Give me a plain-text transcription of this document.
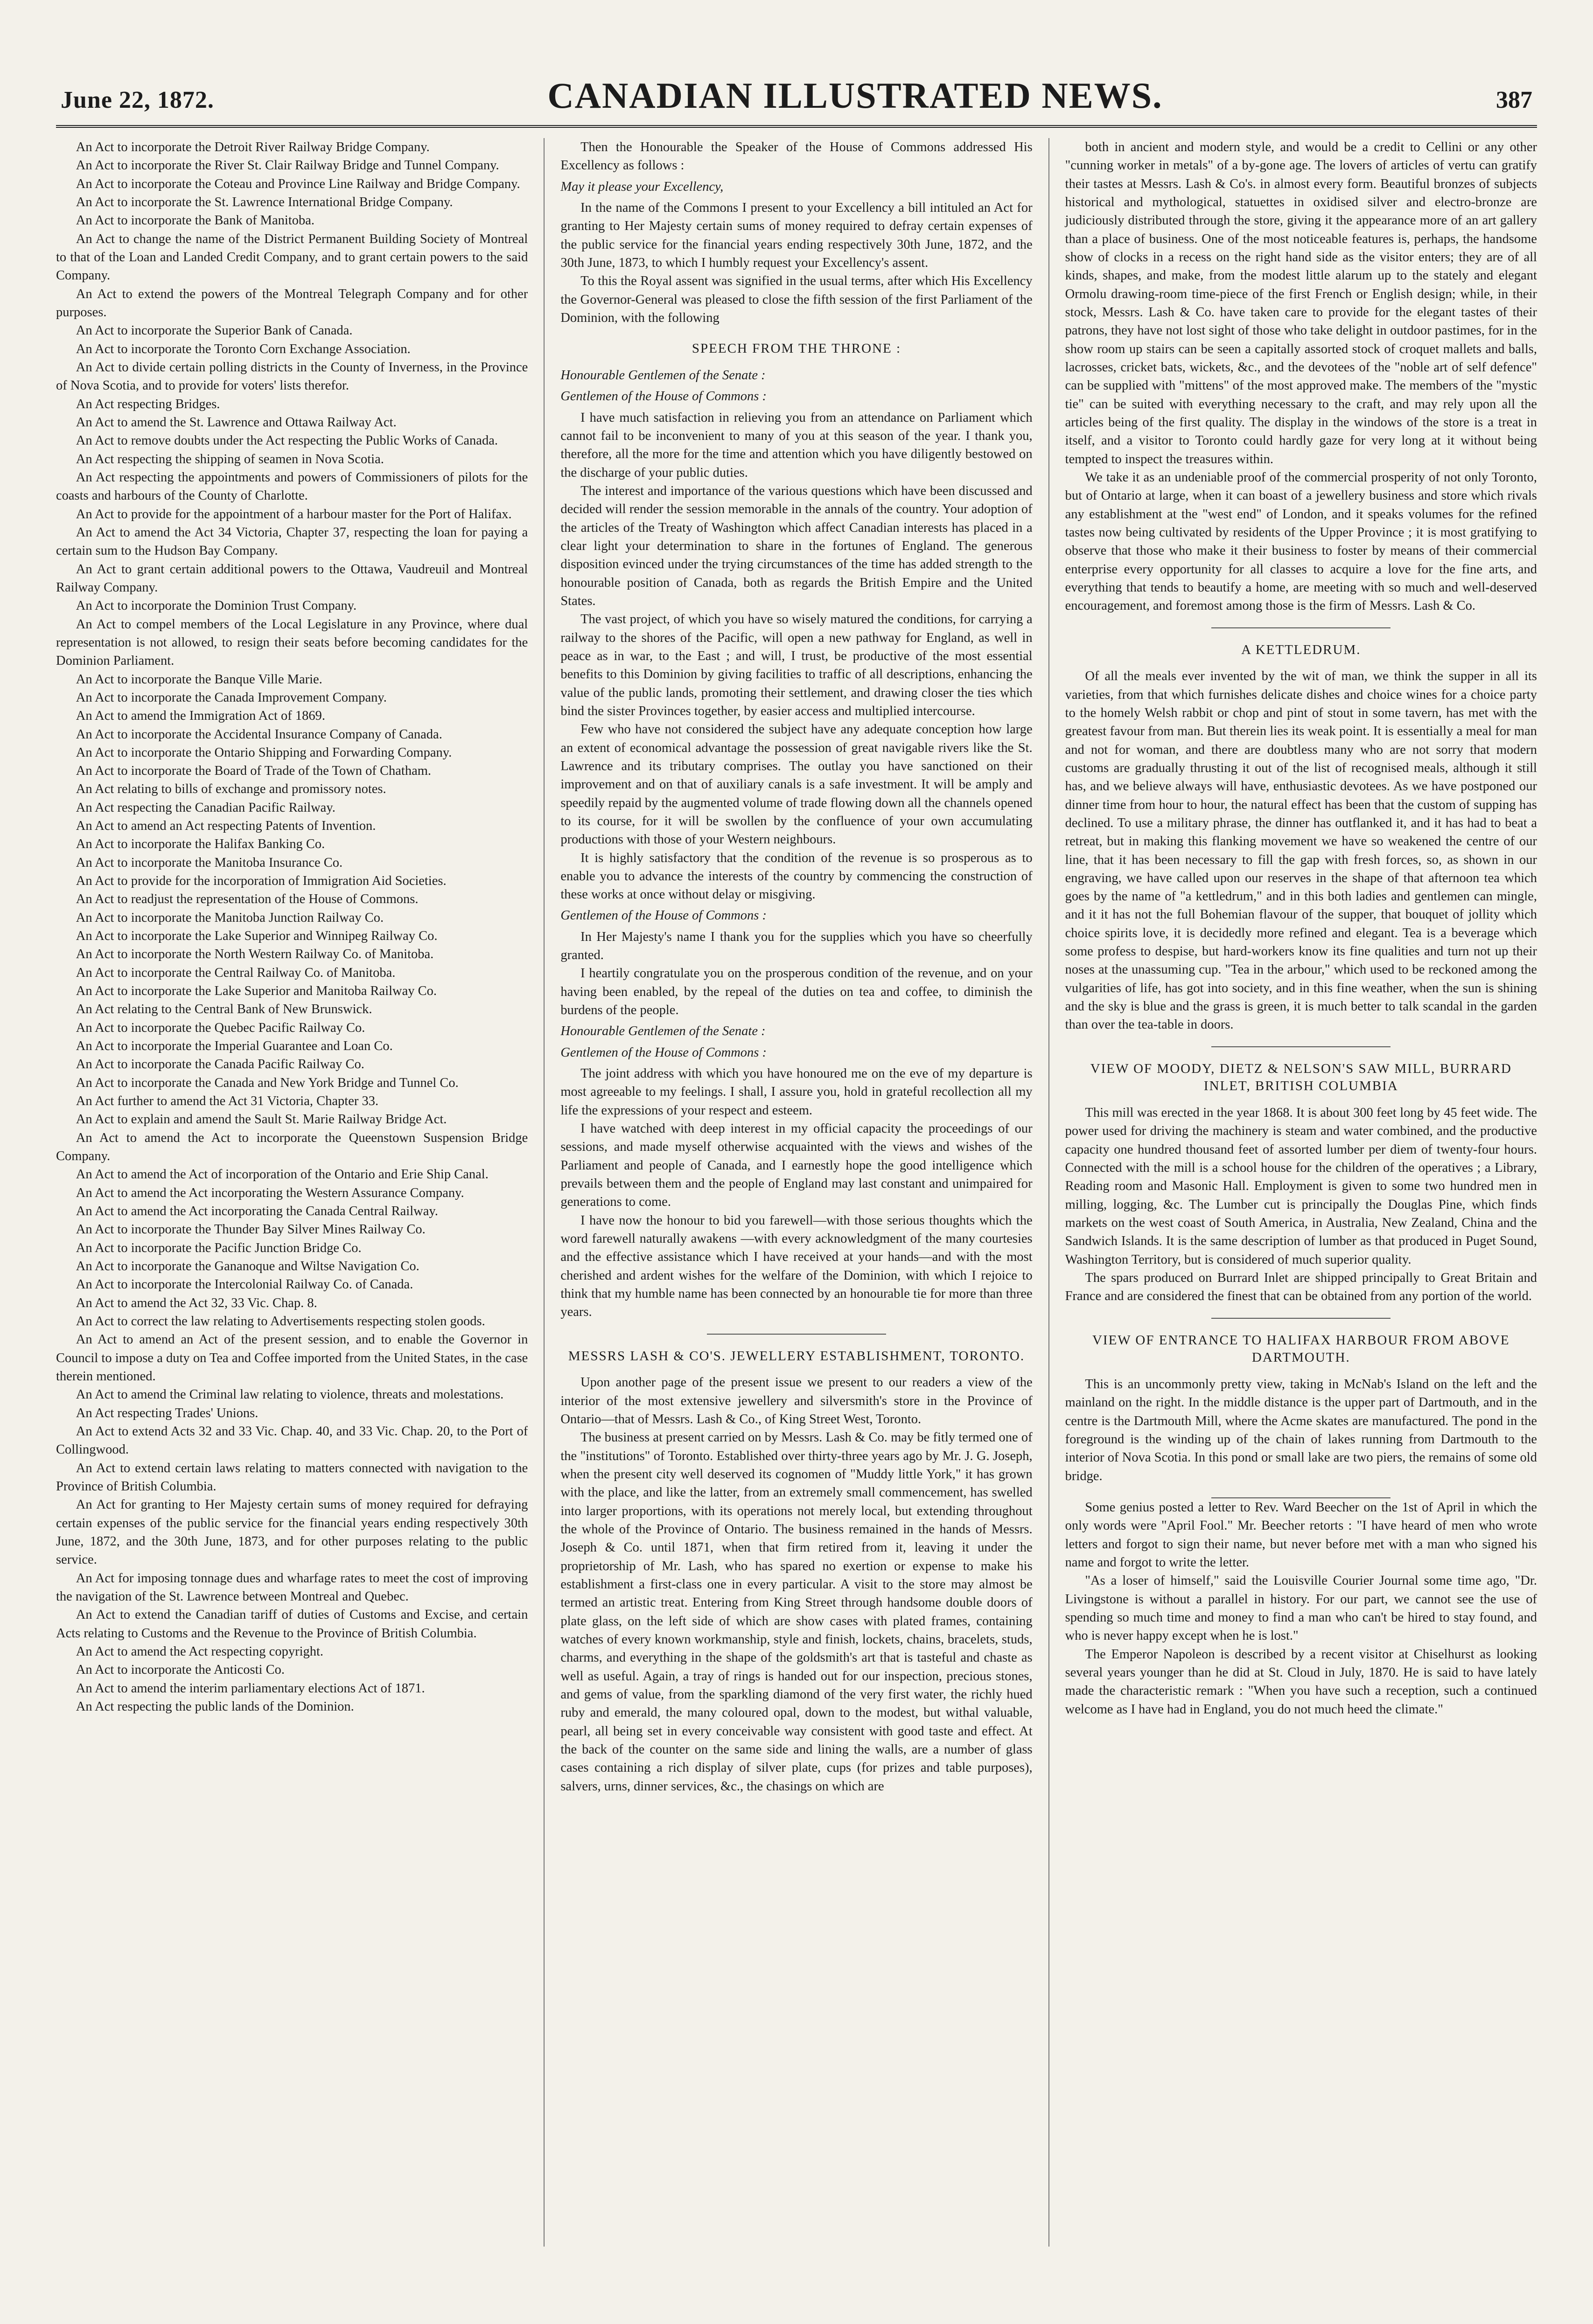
June 22, 1872.	CANADIAN ILLUSTRATED NEWS.	387
An Act to incorporate the Detroit River Railway Bridge Company.
An Act to incorporate the River St. Clair Railway Bridge and Tunnel Company.
An Act to incorporate the Coteau and Province Line Railway and Bridge Company.
An Act to incorporate the St. Lawrence International Bridge Company.
An Act to incorporate the Bank of Manitoba.
An Act to change the name of the District Permanent Building Society of Montreal to that of the Loan and Landed Credit Company, and to grant certain powers to the said Company.
An Act to extend the powers of the Montreal Telegraph Company and for other purposes.
An Act to incorporate the Superior Bank of Canada.
An Act to incorporate the Toronto Corn Exchange Association.
An Act to divide certain polling districts in the County of Inverness, in the Province of Nova Scotia, and to provide for voters' lists therefor.
An Act respecting Bridges.
An Act to amend the St. Lawrence and Ottawa Railway Act.
An Act to remove doubts under the Act respecting the Public Works of Canada.
An Act respecting the shipping of seamen in Nova Scotia.
An Act respecting the appointments and powers of Commissioners of pilots for the coasts and harbours of the County of Charlotte.
An Act to provide for the appointment of a harbour master for the Port of Halifax.
An Act to amend the Act 34 Victoria, Chapter 37, respecting the loan for paying a certain sum to the Hudson Bay Company.
An Act to grant certain additional powers to the Ottawa, Vaudreuil and Montreal Railway Company.
An Act to incorporate the Dominion Trust Company.
An Act to compel members of the Local Legislature in any Province, where dual representation is not allowed, to resign their seats before becoming candidates for the Dominion Parliament.
An Act to incorporate the Banque Ville Marie.
An Act to incorporate the Canada Improvement Company.
An Act to amend the Immigration Act of 1869.
An Act to incorporate the Accidental Insurance Company of Canada.
An Act to incorporate the Ontario Shipping and Forwarding Company.
An Act to incorporate the Board of Trade of the Town of Chatham.
An Act relating to bills of exchange and promissory notes.
An Act respecting the Canadian Pacific Railway.
An Act to amend an Act respecting Patents of Invention.
An Act to incorporate the Halifax Banking Co.
An Act to incorporate the Manitoba Insurance Co.
An Act to provide for the incorporation of Immigration Aid Societies.
An Act to readjust the representation of the House of Commons.
An Act to incorporate the Manitoba Junction Railway Co.
An Act to incorporate the Lake Superior and Winnipeg Railway Co.
An Act to incorporate the North Western Railway Co. of Manitoba.
An Act to incorporate the Central Railway Co. of Manitoba.
An Act to incorporate the Lake Superior and Manitoba Railway Co.
An Act relating to the Central Bank of New Brunswick.
An Act to incorporate the Quebec Pacific Railway Co.
An Act to incorporate the Imperial Guarantee and Loan Co.
An Act to incorporate the Canada Pacific Railway Co.
An Act to incorporate the Canada and New York Bridge and Tunnel Co.
An Act further to amend the Act 31 Victoria, Chapter 33.
An Act to explain and amend the Sault St. Marie Railway Bridge Act.
An Act to amend the Act to incorporate the Queenstown Suspension Bridge Company.
An Act to amend the Act of incorporation of the Ontario and Erie Ship Canal.
An Act to amend the Act incorporating the Western Assurance Company.
An Act to amend the Act incorporating the Canada Central Railway.
An Act to incorporate the Thunder Bay Silver Mines Railway Co.
An Act to incorporate the Pacific Junction Bridge Co.
An Act to incorporate the Gananoque and Wiltse Navigation Co.
An Act to incorporate the Intercolonial Railway Co. of Canada.
An Act to amend the Act 32, 33 Vic. Chap. 8.
An Act to correct the law relating to Advertisements respecting stolen goods.
An Act to amend an Act of the present session, and to enable the Governor in Council to impose a duty on Tea and Coffee imported from the United States, in the case therein mentioned.
An Act to amend the Criminal law relating to violence, threats and molestations.
An Act respecting Trades' Unions.
An Act to extend Acts 32 and 33 Vic. Chap. 40, and 33 Vic. Chap. 20, to the Port of Collingwood.
An Act to extend certain laws relating to matters connected with navigation to the Province of British Columbia.
An Act for granting to Her Majesty certain sums of money required for defraying certain expenses of the public service for the financial years ending respectively 30th June, 1872, and the 30th June, 1873, and for other purposes relating to the public service.
An Act for imposing tonnage dues and wharfage rates to meet the cost of improving the navigation of the St. Lawrence between Montreal and Quebec.
An Act to extend the Canadian tariff of duties of Customs and Excise, and certain Acts relating to Customs and the Revenue to the Province of British Columbia.
An Act to amend the Act respecting copyright.
An Act to incorporate the Anticosti Co.
An Act to amend the interim parliamentary elections Act of 1871.
An Act respecting the public lands of the Dominion.

Then the Honourable the Speaker of the House of Commons addressed His Excellency as follows :

May it please your Excellency,

In the name of the Commons I present to your Excellency a bill intituled an Act for granting to Her Majesty certain sums of money required to defray certain expenses of the public service for the financial years ending respectively 30th June, 1872, and the 30th June, 1873, to which I humbly request your Excellency's assent.

To this the Royal assent was signified in the usual terms, after which His Excellency the Governor-General was pleased to close the fifth session of the first Parliament of the Dominion, with the following

SPEECH FROM THE THRONE :

Honourable Gentlemen of the Senate :

Gentlemen of the House of Commons :

I have much satisfaction in relieving you from an attendance on Parliament which cannot fail to be inconvenient to many of you at this season of the year. I thank you, therefore, all the more for the time and attention which you have diligently bestowed on the discharge of your public duties.

The interest and importance of the various questions which have been discussed and decided will render the session memorable in the annals of the country. Your adoption of the articles of the Treaty of Washington which affect Canadian interests has placed in a clear light your determination to share in the fortunes of England. The generous disposition evinced under the trying circumstances of the time has added strength to the honourable position of Canada, both as regards the British Empire and the United States.

The vast project, of which you have so wisely matured the conditions, for carrying a railway to the shores of the Pacific, will open a new pathway for England, as well in peace as in war, to the East ; and will, I trust, be productive of the most essential benefits to this Dominion by giving facilities to traffic of all descriptions, enhancing the value of the public lands, promoting their settlement, and drawing closer the ties which bind the sister Provinces together, by easier access and multiplied intercourse.

Few who have not considered the subject have any adequate conception how large an extent of economical advantage the possession of great navigable rivers like the St. Lawrence and its tributary comprises. The outlay you have sanctioned on their improvement and on that of auxiliary canals is a safe investment. It will be amply and speedily repaid by the augmented volume of trade flowing down all the channels opened to its course, for it will be swollen by the confluence of your own accumulating productions with those of your Western neighbours.

It is highly satisfactory that the condition of the revenue is so prosperous as to enable you to advance the interests of the country by commencing the construction of these works at once without delay or misgiving.

Gentlemen of the House of Commons :

In Her Majesty's name I thank you for the supplies which you have so cheerfully granted.

I heartily congratulate you on the prosperous condition of the revenue, and on your having been enabled, by the repeal of the duties on tea and coffee, to diminish the burdens of the people.

Honourable Gentlemen of the Senate :

Gentlemen of the House of Commons :

The joint address with which you have honoured me on the eve of my departure is most agreeable to my feelings. I shall, I assure you, hold in grateful recollection all my life the expressions of your respect and esteem.

I have watched with deep interest in my official capacity the proceedings of our sessions, and made myself otherwise acquainted with the views and wishes of the Parliament and people of Canada, and I earnestly hope the good intelligence which prevails between them and the people of England may last constant and unimpaired for generations to come.

I have now the honour to bid you farewell—with those serious thoughts which the word farewell naturally awakens —with every acknowledgment of the many courtesies and the effective assistance which I have received at your hands—and with the most cherished and ardent wishes for the welfare of the Dominion, with which I rejoice to think that my humble name has been connected by an honourable tie for more than three years.

MESSRS LASH & CO'S. JEWELLERY ESTABLISHMENT, TORONTO.

Upon another page of the present issue we present to our readers a view of the interior of the most extensive jewellery and silversmith's store in the Province of Ontario—that of Messrs. Lash & Co., of King Street West, Toronto.

The business at present carried on by Messrs. Lash & Co. may be fitly termed one of the "institutions" of Toronto. Established over thirty-three years ago by Mr. J. G. Joseph, when the present city well deserved its cognomen of "Muddy little York," it has grown with the place, and like the latter, from an extremely small commencement, has swelled into larger proportions, with its operations not merely local, but extending throughout the whole of the Province of Ontario. The business remained in the hands of Messrs. Joseph & Co. until 1871, when that firm retired from it, leaving it under the proprietorship of Mr. Lash, who has spared no exertion or expense to make his establishment a first-class one in every particular. A visit to the store may almost be termed an artistic treat. Entering from King Street through handsome double doors of plate glass, on the left side of which are show cases with plated frames, containing watches of every known workmanship, style and finish, lockets, chains, bracelets, studs, charms, and everything in the shape of the goldsmith's art that is tasteful and chaste as well as useful. Again, a tray of rings is handed out for our inspection, precious stones, and gems of value, from the sparkling diamond of the very first water, the richly hued ruby and emerald, the many coloured opal, down to the modest, but withal valuable, pearl, all being set in every conceivable way consistent with good taste and effect. At the back of the counter on the same side and lining the walls, are a number of glass cases containing a rich display of silver plate, cups (for prizes and table purposes), salvers, urns, dinner services, &c., the chasings on which are

both in ancient and modern style, and would be a credit to Cellini or any other "cunning worker in metals" of a by-gone age. The lovers of articles of vertu can gratify their tastes at Messrs. Lash & Co's. in almost every form. Beautiful bronzes of subjects historical and mythological, statuettes in oxidised silver and electro-bronze are judiciously distributed through the store, giving it the appearance more of an art gallery than a place of business. One of the most noticeable features is, perhaps, the handsome show of clocks in a recess on the right hand side as the visitor enters; they are of all kinds, shapes, and make, from the modest little alarum up to the stately and elegant Ormolu drawing-room time-piece of the first French or English design; while, in their stock, Messrs. Lash & Co. have taken care to provide for the elegant tastes of their patrons, they have not lost sight of those who take delight in outdoor pastimes, for in the show room up stairs can be seen a capitally assorted stock of croquet mallets and balls, lacrosses, cricket bats, wickets, &c., and the devotees of the "noble art of self defence" can be supplied with "mittens" of the most approved make. The members of the "mystic tie" can be suited with everything necessary to the craft, and may rely upon all the articles being of the first quality. The display in the windows of the store is a treat in itself, and a visitor to Toronto could hardly gaze for very long at it without being tempted to inspect the treasures within.

We take it as an undeniable proof of the commercial prosperity of not only Toronto, but of Ontario at large, when it can boast of a jewellery business and store which rivals any establishment at the "west end" of London, and it speaks volumes for the refined tastes now being cultivated by residents of the Upper Province ; it is most gratifying to observe that those who make it their business to foster by means of their commercial enterprise every opportunity for all classes to acquire a love for the fine arts, and everything that tends to beautify a home, are meeting with so much and well-deserved encouragement, and foremost among those is the firm of Messrs. Lash & Co.

A KETTLEDRUM.

Of all the meals ever invented by the wit of man, we think the supper in all its varieties, from that which furnishes delicate dishes and choice wines for a choice party to the homely Welsh rabbit or chop and pint of stout in some tavern, has met with the greatest favour from man. But therein lies its weak point. It is essentially a meal for man and not for woman, and there are doubtless many who are not sorry that modern customs are gradually thrusting it out of the list of recognised meals, although it still has, and we believe always will have, enthusiastic devotees. As we have postponed our dinner time from hour to hour, the natural effect has been that the custom of supping has declined. To use a military phrase, the dinner has outflanked it, and it has had to beat a retreat, but in making this flanking movement we have so weakened the centre of our line, that it has been necessary to fill the gap with fresh forces, so, as shown in our engraving, we have called upon our reserves in the shape of that afternoon tea which goes by the name of "a kettledrum," and in this both ladies and gentlemen can mingle, and it it has not the full Bohemian flavour of the supper, that bouquet of jollity which choice spirits love, it is decidedly more refined and elegant. Tea is a beverage which some profess to despise, but hard-workers know its fine qualities and turn not up their noses at the unassuming cup. "Tea in the arbour," which used to be reckoned among the vulgarities of life, has got into society, and in this fine weather, when the sun is shining and the sky is blue and the grass is green, it is much better to talk scandal in the garden than over the tea-table in doors.

VIEW OF MOODY, DIETZ & NELSON'S SAW MILL, BURRARD INLET, BRITISH COLUMBIA

This mill was erected in the year 1868. It is about 300 feet long by 45 feet wide. The power used for driving the machinery is steam and water combined, and the productive capacity one hundred thousand feet of assorted lumber per diem of twenty-four hours. Connected with the mill is a school house for the children of the operatives ; a Library, Reading room and Masonic Hall. Employment is given to some two hundred men in milling, logging, &c. The Lumber cut is principally the Douglas Pine, which finds markets on the west coast of South America, in Australia, New Zealand, China and the Sandwich Islands. It is the same description of lumber as that produced in Puget Sound, Washington Territory, but is considered of much superior quality.

The spars produced on Burrard Inlet are shipped principally to Great Britain and France and are considered the finest that can be obtained from any portion of the world.

VIEW OF ENTRANCE TO HALIFAX HARBOUR FROM ABOVE DARTMOUTH.

This is an uncommonly pretty view, taking in McNab's Island on the left and the mainland on the right. In the middle distance is the upper part of Dartmouth, and in the centre is the Dartmouth Mill, where the Acme skates are manufactured. The pond in the foreground is the winding up of the chain of lakes running from Dartmouth to the interior of Nova Scotia. In this pond or small lake are two piers, the remains of some old bridge.

Some genius posted a letter to Rev. Ward Beecher on the 1st of April in which the only words were "April Fool." Mr. Beecher retorts : "I have heard of men who wrote letters and forgot to sign their name, but never before met with a man who signed his name and forgot to write the letter.

"As a loser of himself," said the Louisville Courier Journal some time ago, "Dr. Livingstone is without a parallel in history. For our part, we cannot see the use of spending so much time and money to find a man who can't be hired to stay found, and who is never happy except when he is lost."

The Emperor Napoleon is described by a recent visitor at Chiselhurst as looking several years younger than he did at St. Cloud in July, 1870. He is said to have lately made the characteristic remark : "When you have such a reception, such a continued welcome as I have had in England, you do not much heed the climate."
